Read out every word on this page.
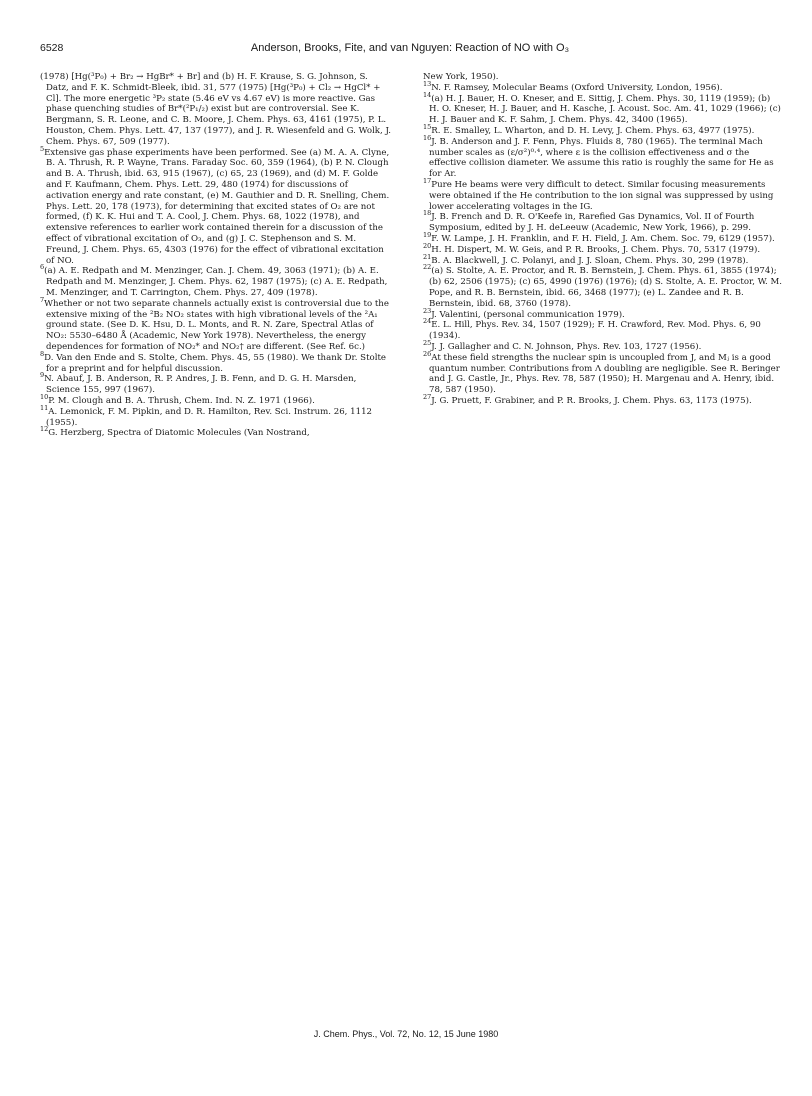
6528	Anderson, Brooks, Fite, and van Nguyen: Reaction of NO with O₃

(1978) [Hg(³P₀) + Br₂ → HgBr* + Br] and (b) H. F. Krause, S. G. Johnson, S. Datz, and F. K. Schmidt-Bleek, ibid. 31, 577 (1975) [Hg(³P₀) + Cl₂ → HgCl* + Cl]. The more energetic ³P₂ state (5.46 eV vs 4.67 eV) is more reactive. Gas phase quenching studies of Br*(²P₁/₂) exist but are controversial. See K. Bergmann, S. R. Leone, and C. B. Moore, J. Chem. Phys. 63, 4161 (1975), P. L. Houston, Chem. Phys. Lett. 47, 137 (1977), and J. R. Wiesenfeld and G. Wolk, J. Chem. Phys. 67, 509 (1977).

$^5$Extensive gas phase experiments have been performed. See (a) M. A. A. Clyne, B. A. Thrush, R. P. Wayne, Trans. Faraday Soc. 60, 359 (1964), (b) P. N. Clough and B. A. Thrush, ibid. 63, 915 (1967), (c) 65, 23 (1969), and (d) M. F. Golde and F. Kaufmann, Chem. Phys. Lett. 29, 480 (1974) for discussions of activation energy and rate constant, (e) M. Gauthier and D. R. Snelling, Chem. Phys. Lett. 20, 178 (1973), for determining that excited states of O₂ are not formed, (f) K. K. Hui and T. A. Cool, J. Chem. Phys. 68, 1022 (1978), and extensive references to earlier work contained therein for a discussion of the effect of vibrational excitation of O₃, and (g) J. C. Stephenson and S. M. Freund, J. Chem. Phys. 65, 4303 (1976) for the effect of vibrational excitation of NO.

$^6$(a) A. E. Redpath and M. Menzinger, Can. J. Chem. 49, 3063 (1971); (b) A. E. Redpath and M. Menzinger, J. Chem. Phys. 62, 1987 (1975); (c) A. E. Redpath, M. Menzinger, and T. Carrington, Chem. Phys. 27, 409 (1978).

$^7$Whether or not two separate channels actually exist is controversial due to the extensive mixing of the ²B₂ NO₂ states with high vibrational levels of the ²A₁ ground state. (See D. K. Hsu, D. L. Monts, and R. N. Zare, Spectral Atlas of NO₂: 5530–6480 Å (Academic, New York 1978). Nevertheless, the energy dependences for formation of NO₂* and NO₂† are different. (See Ref. 6c.)

$^8$D. Van den Ende and S. Stolte, Chem. Phys. 45, 55 (1980). We thank Dr. Stolte for a preprint and for helpful discussion.

$^9$N. Abauf, J. B. Anderson, R. P. Andres, J. B. Fenn, and D. G. H. Marsden, Science 155, 997 (1967).

$^{10}$P. M. Clough and B. A. Thrush, Chem. Ind. N. Z. 1971 (1966).

$^{11}$A. Lemonick, F. M. Pipkin, and D. R. Hamilton, Rev. Sci. Instrum. 26, 1112 (1955).

$^{12}$G. Herzberg, Spectra of Diatomic Molecules (Van Nostrand,

New York, 1950).

$^{13}$N. F. Ramsey, Molecular Beams (Oxford University, London, 1956).

$^{14}$(a) H. J. Bauer, H. O. Kneser, and E. Sittig, J. Chem. Phys. 30, 1119 (1959); (b) H. O. Kneser, H. J. Bauer, and H. Kasche, J. Acoust. Soc. Am. 41, 1029 (1966); (c) H. J. Bauer and K. F. Sahm, J. Chem. Phys. 42, 3400 (1965).

$^{15}$R. E. Smalley, L. Wharton, and D. H. Levy, J. Chem. Phys. 63, 4977 (1975).

$^{16}$J. B. Anderson and J. F. Fenn, Phys. Fluids 8, 780 (1965). The terminal Mach number scales as (ε/σ²)⁰·⁴, where ε is the collision effectiveness and σ the effective collision diameter. We assume this ratio is roughly the same for He as for Ar.

$^{17}$Pure He beams were very difficult to detect. Similar focusing measurements were obtained if the He contribution to the ion signal was suppressed by using lower accelerating voltages in the IG.

$^{18}$J. B. French and D. R. O'Keefe in, Rarefied Gas Dynamics, Vol. II of Fourth Symposium, edited by J. H. deLeeuw (Academic, New York, 1966), p. 299.

$^{19}$F. W. Lampe, J. H. Franklin, and F. H. Field, J. Am. Chem. Soc. 79, 6129 (1957).

$^{20}$H. H. Dispert, M. W. Geis, and P. R. Brooks, J. Chem. Phys. 70, 5317 (1979).

$^{21}$B. A. Blackwell, J. C. Polanyi, and J. J. Sloan, Chem. Phys. 30, 299 (1978).

$^{22}$(a) S. Stolte, A. E. Proctor, and R. B. Bernstein, J. Chem. Phys. 61, 3855 (1974); (b) 62, 2506 (1975); (c) 65, 4990 (1976) (1976); (d) S. Stolte, A. E. Proctor, W. M. Pope, and R. B. Bernstein, ibid. 66, 3468 (1977); (e) L. Zandee and R. B. Bernstein, ibid. 68, 3760 (1978).

$^{23}$J. Valentini, (personal communication 1979).

$^{24}$E. L. Hill, Phys. Rev. 34, 1507 (1929); F. H. Crawford, Rev. Mod. Phys. 6, 90 (1934).

$^{25}$J. J. Gallagher and C. N. Johnson, Phys. Rev. 103, 1727 (1956).

$^{26}$At these field strengths the nuclear spin is uncoupled from J, and Mⱼ is a good quantum number. Contributions from Λ doubling are negligible. See R. Beringer and J. G. Castle, Jr., Phys. Rev. 78, 587 (1950); H. Margenau and A. Henry, ibid. 78, 587 (1950).

$^{27}$J. G. Pruett, F. Grabiner, and P. R. Brooks, J. Chem. Phys. 63, 1173 (1975).

J. Chem. Phys., Vol. 72, No. 12, 15 June 1980
